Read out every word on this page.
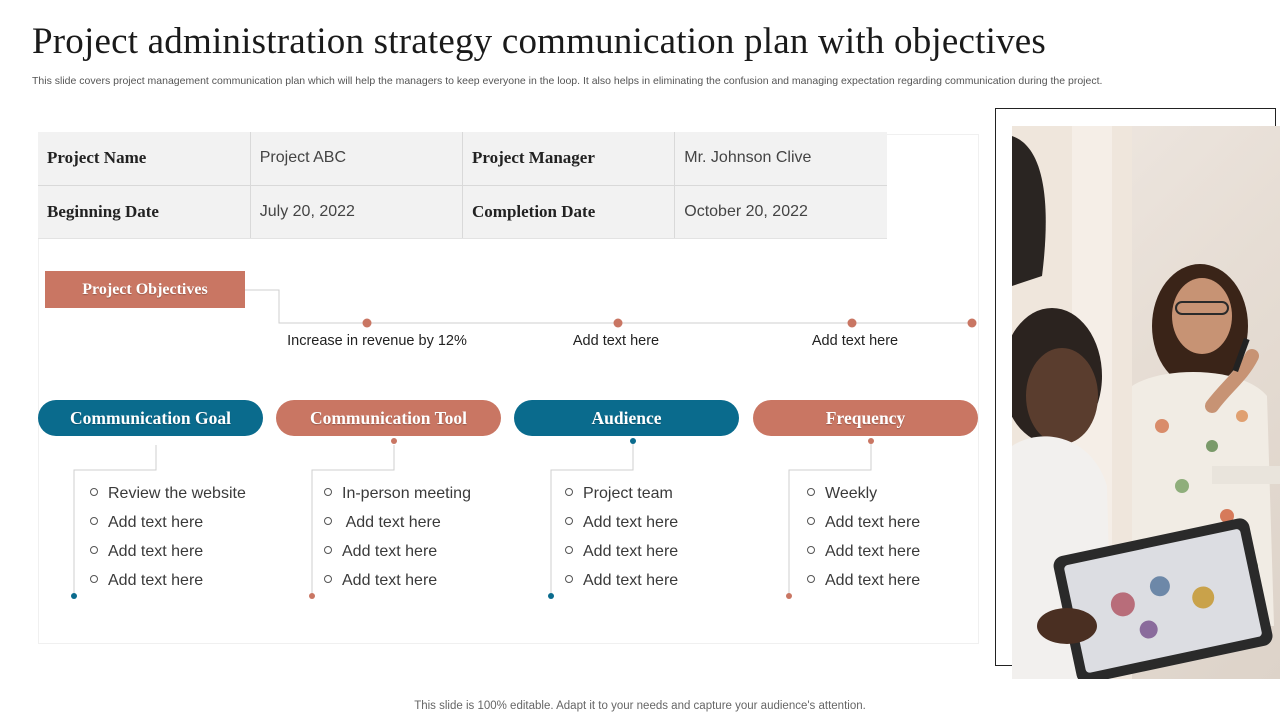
Project administration strategy communication plan with objectives
This slide covers project management communication plan which will help the managers to keep everyone in the loop. It also helps in eliminating the confusion and managing expectation regarding communication during the project.
Project Name	Project ABC	Project Manager	Mr. Johnson Clive
Beginning Date	July 20, 2022	Completion Date	October 20, 2022
Project Objectives
Increase in revenue by 12%	Add text here	Add text here
Communication Goal	Communication Tool	Audience	Frequency
Review the website
Add text here
Add text here
Add text here
In-person meeting
Add text here
Add text here
Add text here
Project team
Add text here
Add text here
Add text here
Weekly
Add text here
Add text here
Add text here
This slide is 100% editable. Adapt it to your needs and capture your audience's attention.
